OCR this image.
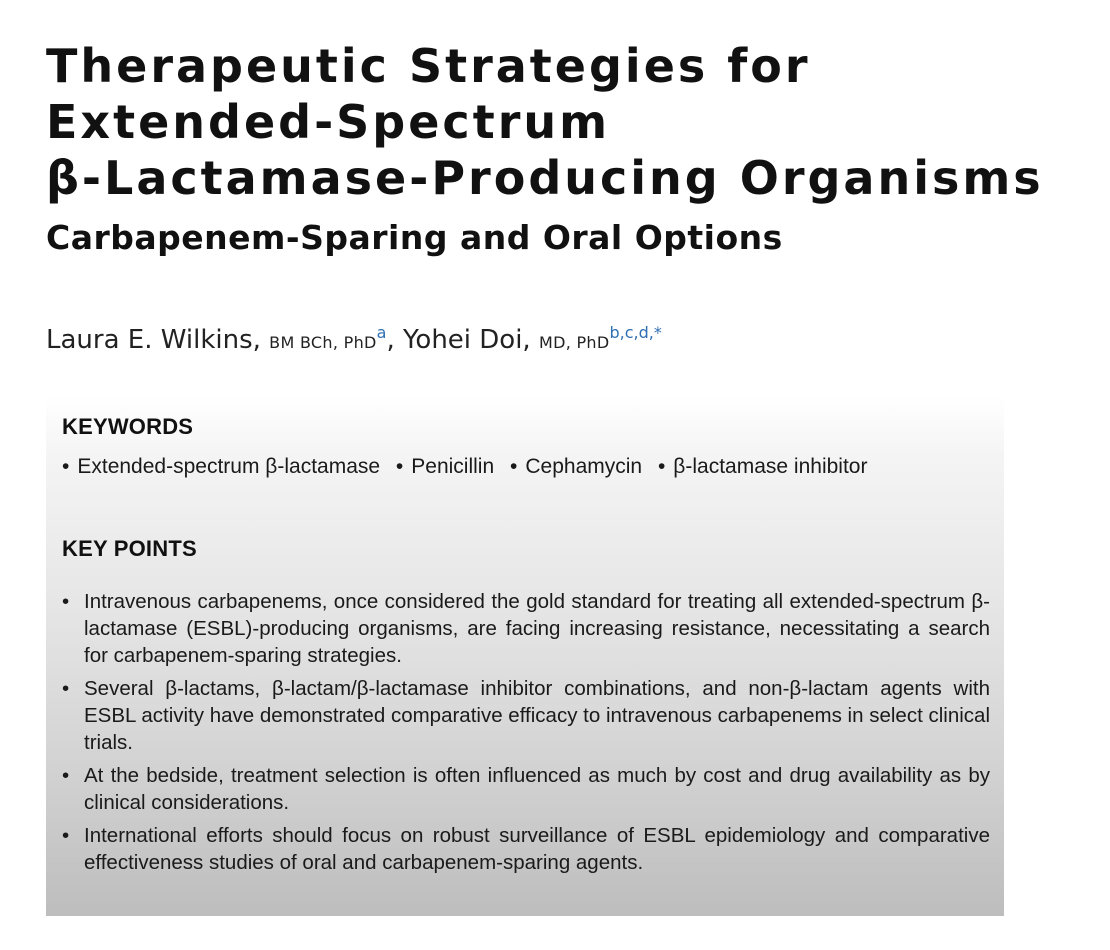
Therapeutic Strategies for
Extended-Spectrum
β-Lactamase-Producing Organisms
Carbapenem-Sparing and Oral Options
Laura E. Wilkins, BM BCh, PhD$^a$, Yohei Doi, MD, PhD$^{b,c,d,*}$
KEYWORDS
• Extended-spectrum β-lactamase • Penicillin • Cephamycin • β-lactamase inhibitor
KEY POINTS
• Intravenous carbapenems, once considered the gold standard for treating all extended-spectrum β-lactamase (ESBL)-producing organisms, are facing increasing resistance, necessitating a search for carbapenem-sparing strategies.
• Several β-lactams, β-lactam/β-lactamase inhibitor combinations, and non-β-lactam agents with ESBL activity have demonstrated comparative efficacy to intravenous carbapenems in select clinical trials.
• At the bedside, treatment selection is often influenced as much by cost and drug availability as by clinical considerations.
• International efforts should focus on robust surveillance of ESBL epidemiology and comparative effectiveness studies of oral and carbapenem-sparing agents.
